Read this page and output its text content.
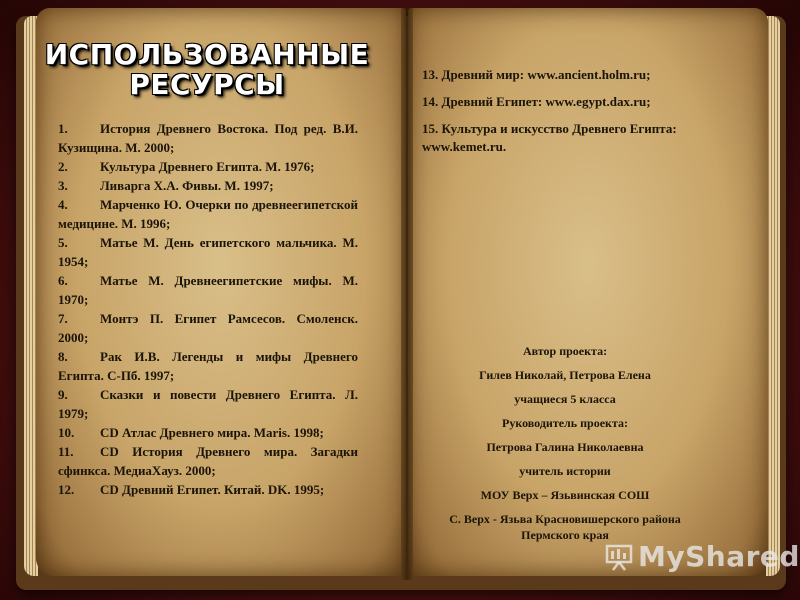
ИСПОЛЬЗОВАННЫЕ
РЕСУРСЫ
1. История Древнего Востока. Под ред. В.И. Кузищина. М. 2000;
2. Культура Древнего Египта. М. 1976;
3. Ливарга Х.А. Фивы. М. 1997;
4. Марченко Ю. Очерки по древнеегипетской медицине. М. 1996;
5. Матье М. День египетского мальчика. М. 1954;
6. Матье М. Древнеегипетские мифы. М. 1970;
7. Монтэ П. Египет Рамсесов. Смоленск. 2000;
8. Рак И.В. Легенды и мифы Древнего Египта. С-Пб. 1997;
9. Сказки и повести Древнего Египта. Л. 1979;
10. CD Атлас Древнего мира. Maris. 1998;
11. CD История Древнего мира. Загадки сфинкса. МедиаХауз. 2000;
12. CD Древний Египет. Китай. DK. 1995;
13. Древний мир: www.ancient.holm.ru;
14. Древний Египет: www.egypt.dax.ru;
15. Культура и искусство Древнего Египта: www.kemet.ru.
Автор проекта:
Гилев Николай, Петрова Елена
учащиеся 5 класса
Руководитель проекта:
Петрова Галина Николаевна
учитель истории
МОУ Верх – Язьвинская СОШ
С. Верх - Язьва Красновишерского района Пермского края
MyShared
